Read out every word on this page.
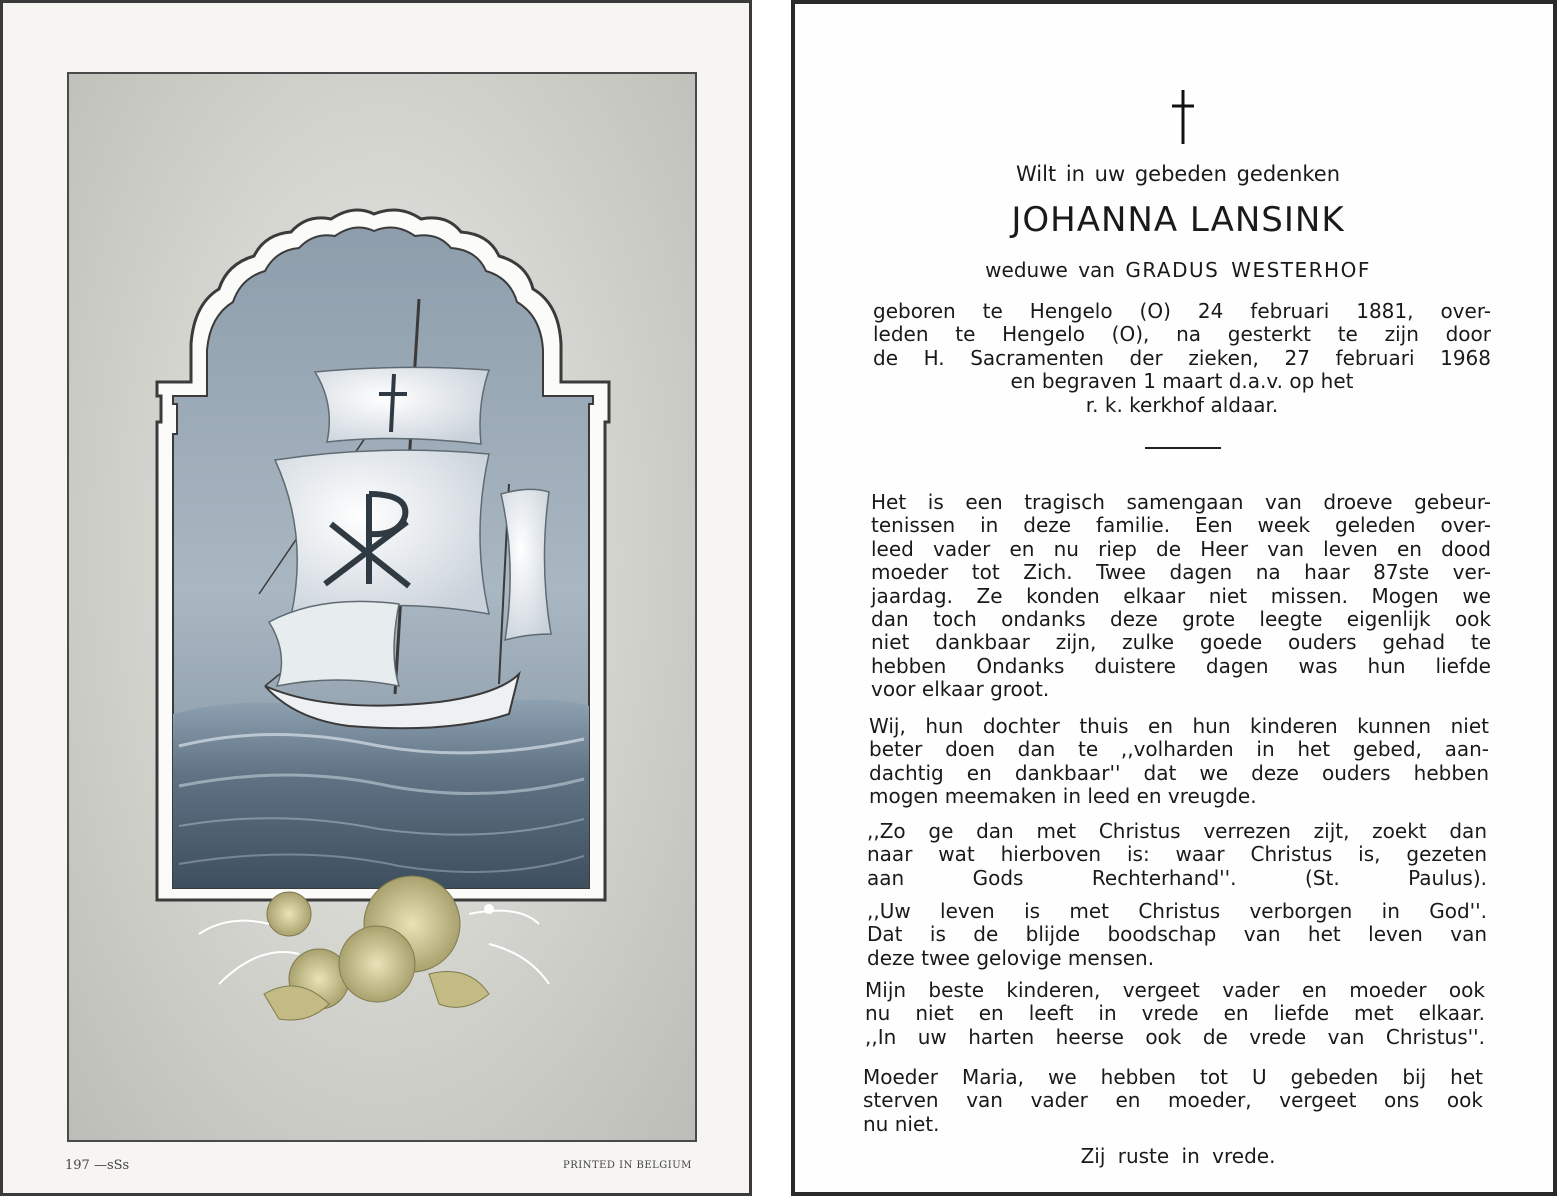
197 —sSs	PRINTED IN BELGIUM
Wilt in uw gebeden gedenken
JOHANNA LANSINK
weduwe van GRADUS WESTERHOF
geboren te Hengelo (O) 24 februari 1881, over-
leden te Hengelo (O), na gesterkt te zijn door
de H. Sacramenten der zieken, 27 februari 1968
en begraven 1 maart d.a.v. op het
r. k. kerkhof aldaar.
Het is een tragisch samengaan van droeve gebeur-
tenissen in deze familie. Een week geleden over-
leed vader en nu riep de Heer van leven en dood
moeder tot Zich. Twee dagen na haar 87ste ver-
jaardag. Ze konden elkaar niet missen. Mogen we
dan toch ondanks deze grote leegte eigenlijk ook
niet dankbaar zijn, zulke goede ouders gehad te
hebben Ondanks duistere dagen was hun liefde
voor elkaar groot.
Wij, hun dochter thuis en hun kinderen kunnen niet
beter doen dan te ,,volharden in het gebed, aan-
dachtig en dankbaar'' dat we deze ouders hebben
mogen meemaken in leed en vreugde.
,,Zo ge dan met Christus verrezen zijt, zoekt dan
naar wat hierboven is: waar Christus is, gezeten
aan Gods Rechterhand''.	(St. Paulus).
,,Uw leven is met Christus verborgen in God''.
Dat is de blijde boodschap van het leven van
deze twee gelovige mensen.
Mijn beste kinderen, vergeet vader en moeder ook
nu niet en leeft in vrede en liefde met elkaar.
,,In uw harten heerse ook de vrede van Christus''.
Moeder Maria, we hebben tot U gebeden bij het
sterven van vader en moeder, vergeet ons ook
nu niet.
Zij ruste in vrede.
